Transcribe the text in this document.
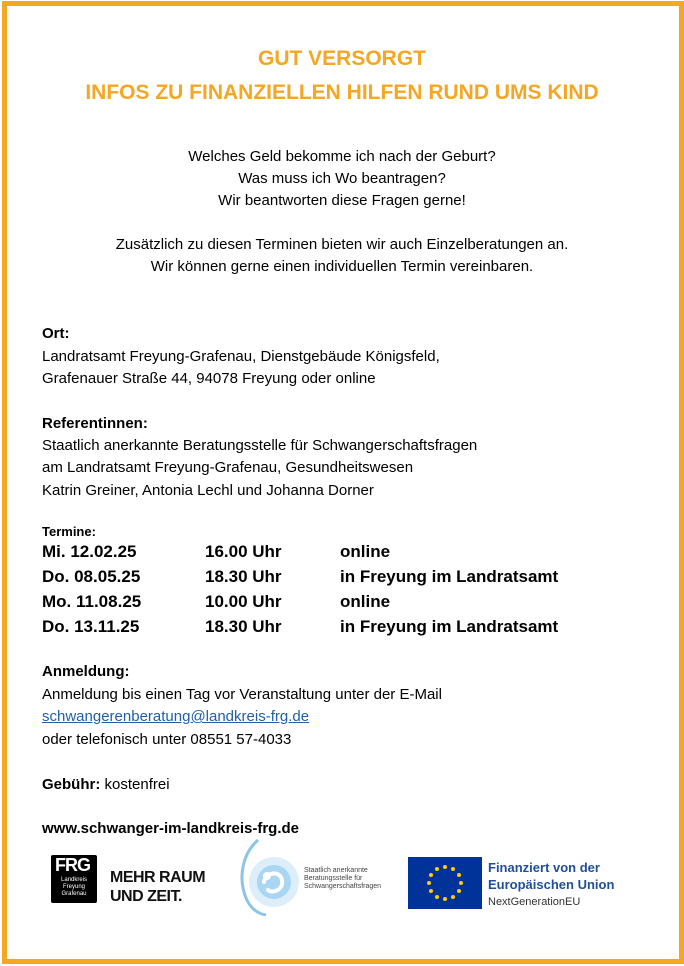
GUT VERSORGT
INFOS ZU FINANZIELLEN HILFEN RUND UMS KIND
Welches Geld bekomme ich nach der Geburt?
Was muss ich Wo beantragen?
Wir beantworten diese Fragen gerne!
Zusätzlich zu diesen Terminen bieten wir auch Einzelberatungen an.
Wir können gerne einen individuellen Termin vereinbaren.
Ort:
Landratsamt Freyung-Grafenau, Dienstgebäude Königsfeld,
Grafenauer Straße 44, 94078 Freyung oder online
Referentinnen:
Staatlich anerkannte Beratungsstelle für Schwangerschaftsfragen
am Landratsamt Freyung-Grafenau, Gesundheitswesen
Katrin Greiner, Antonia Lechl und Johanna Dorner
Termine:
Mi. 12.02.25	16.00 Uhr	online
Do. 08.05.25	18.30 Uhr	in Freyung im Landratsamt
Mo. 11.08.25	10.00 Uhr	online
Do. 13.11.25	18.30 Uhr	in Freyung im Landratsamt
Anmeldung:
Anmeldung bis einen Tag vor Veranstaltung unter der E-Mail
schwangerenberatung@landkreis-frg.de
oder telefonisch unter 08551 57-4033
Gebühr: kostenfrei
www.schwanger-im-landkreis-frg.de
FRG
Landkreis
Freyung
Grafenau
MEHR RAUM
UND ZEIT.
Staatlich anerkannte
Beratungsstelle für
Schwangerschaftsfragen
Finanziert von der
Europäischen Union
NextGenerationEU
